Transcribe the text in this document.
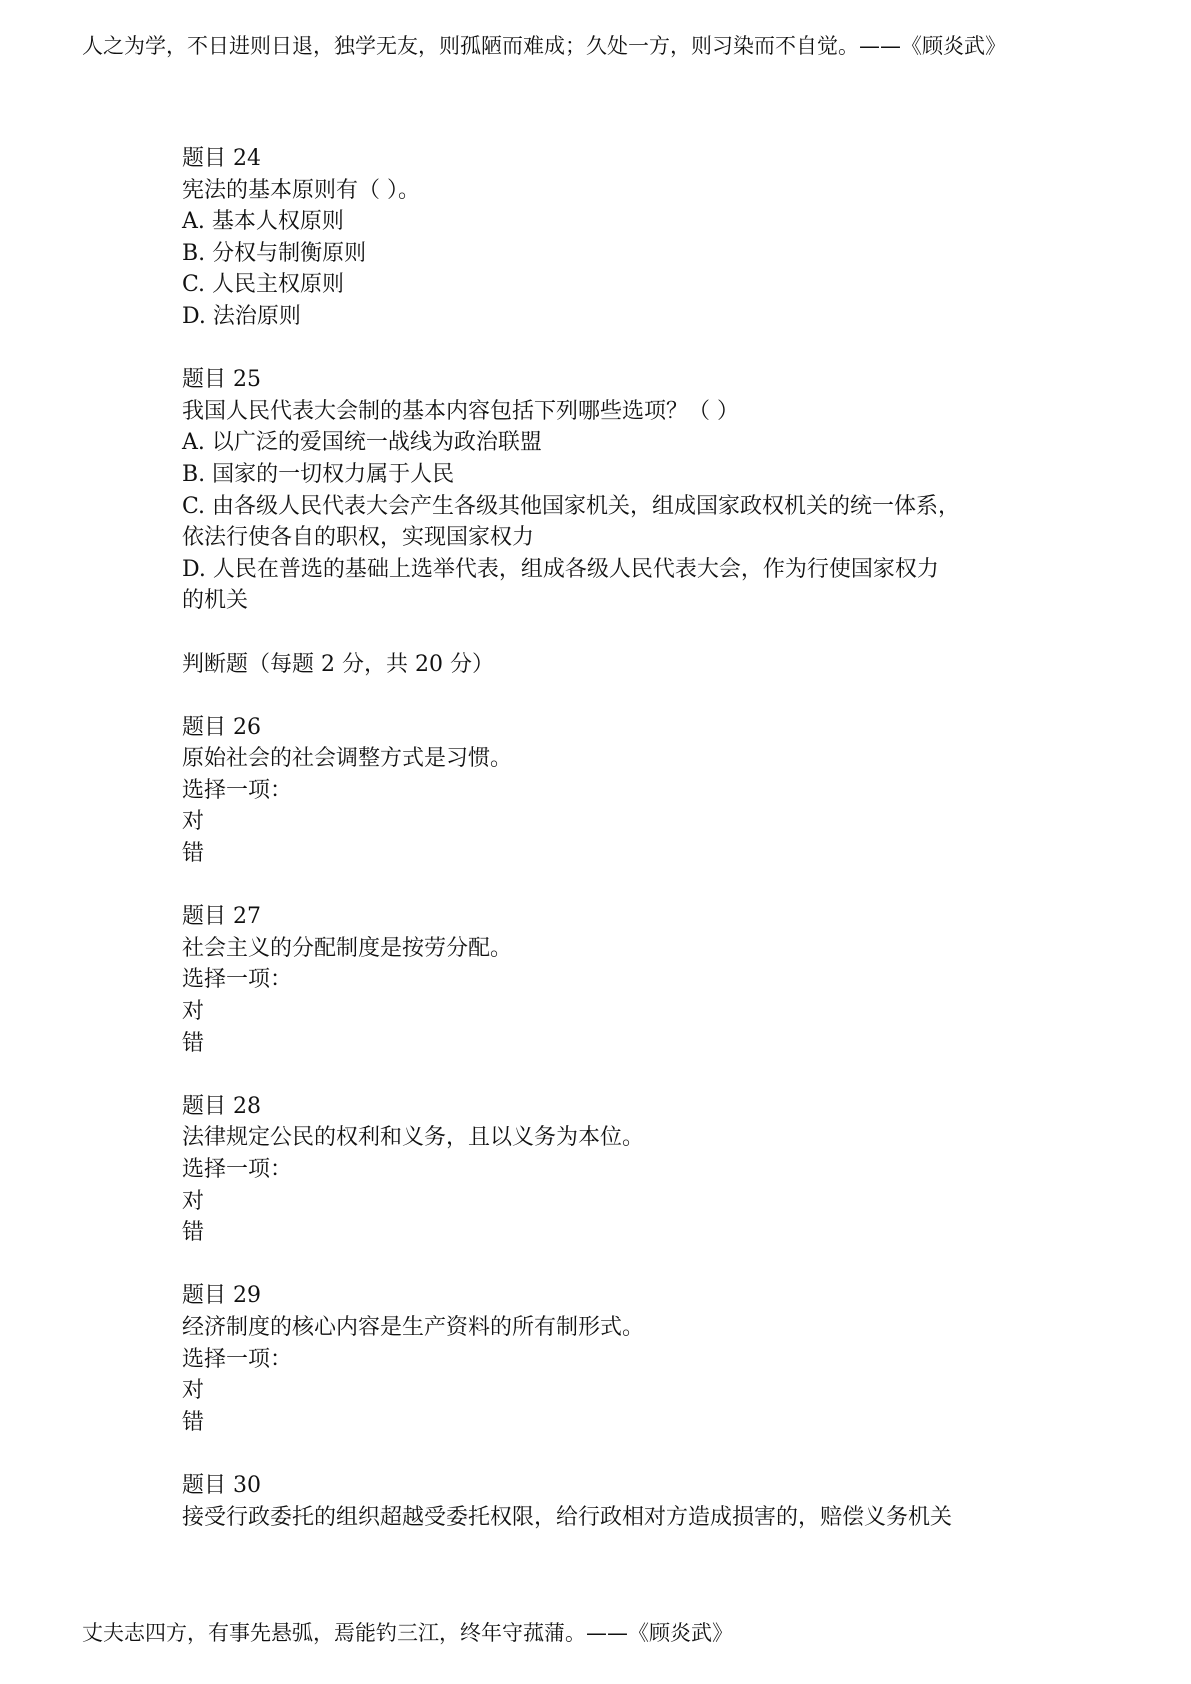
人之为学，不日进则日退，独学无友，则孤陋而难成；久处一方，则习染而不自觉。——《顾炎武》

题目 24

宪法的基本原则有（ ）。

A. 基本人权原则

B. 分权与制衡原则

C. 人民主权原则

D. 法治原则

题目 25

我国人民代表大会制的基本内容包括下列哪些选项？（ ）

A. 以广泛的爱国统一战线为政治联盟

B. 国家的一切权力属于人民

C. 由各级人民代表大会产生各级其他国家机关，组成国家政权机关的统一体系，

依法行使各自的职权，实现国家权力

D. 人民在普选的基础上选举代表，组成各级人民代表大会，作为行使国家权力

的机关

判断题（每题 2 分，共 20 分）

题目 26

原始社会的社会调整方式是习惯。

选择一项：

对

错

题目 27

社会主义的分配制度是按劳分配。

选择一项：

对

错

题目 28

法律规定公民的权利和义务，且以义务为本位。

选择一项：

对

错

题目 29

经济制度的核心内容是生产资料的所有制形式。

选择一项：

对

错

题目 30

接受行政委托的组织超越受委托权限，给行政相对方造成损害的，赔偿义务机关

丈夫志四方，有事先悬弧，焉能钓三江，终年守菰蒲。——《顾炎武》
